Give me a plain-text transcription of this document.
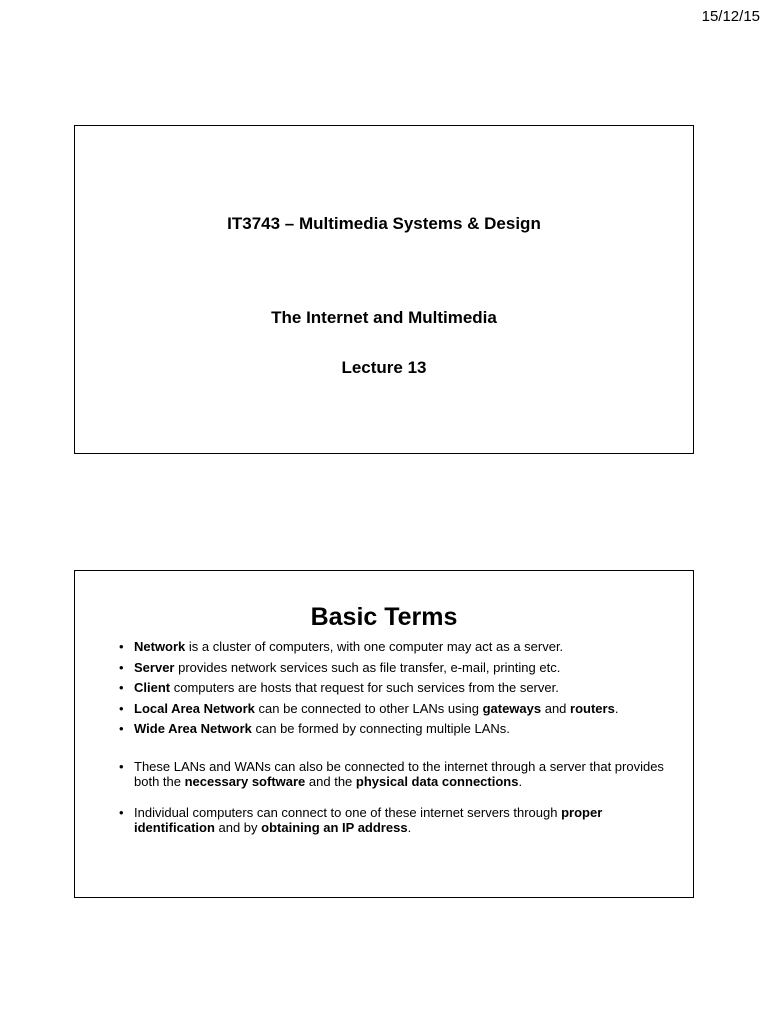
15/12/15
IT3743 – Multimedia Systems & Design
The Internet and Multimedia
Lecture 13
Basic Terms
• Network is a cluster of computers, with one computer may act as a server.
• Server provides network services such as file transfer, e-mail, printing etc.
• Client computers are hosts that request for such services from the server.
• Local Area Network can be connected to other LANs using gateways and routers.
• Wide Area Network can be formed by connecting multiple LANs.
• These LANs and WANs can also be connected to the internet through a server that provides both the necessary software and the physical data connections.
• Individual computers can connect to one of these internet servers through proper identification and by obtaining an IP address.
